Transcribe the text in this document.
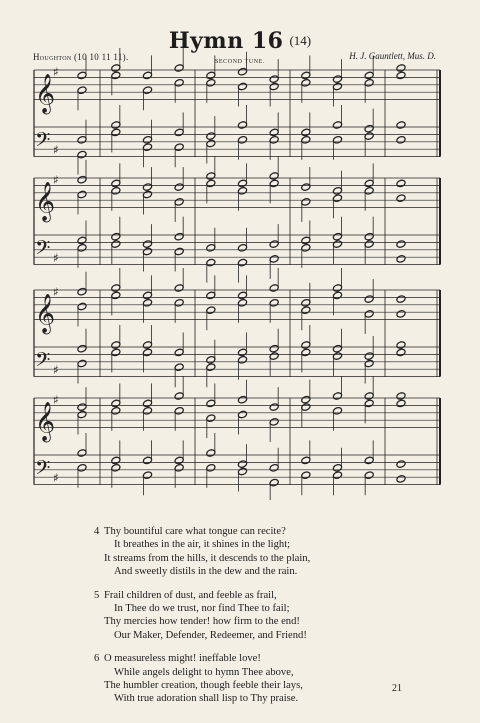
Hymn 16 (14)
Houghton (10 10 11 11).	SECOND TUNE.
H. J. Gauntlett, Mus. D.
𝄞
♯
𝄢 ♯
𝄞
♯
𝄢 ♯
𝄞
♯
𝄢 ♯
𝄞
♯
𝄢 ♯
4 Thy bountiful care what tongue can recite?
It breathes in the air, it shines in the light;
It streams from the hills, it descends to the plain,
And sweetly distils in the dew and the rain.
5 Frail children of dust, and feeble as frail,
In Thee do we trust, nor find Thee to fail;
Thy mercies how tender! how firm to the end!
Our Maker, Defender, Redeemer, and Friend!
6 O measureless might! ineffable love!
While angels delight to hymn Thee above,
The humbler creation, though feeble their lays,
With true adoration shall lisp to Thy praise.
21
